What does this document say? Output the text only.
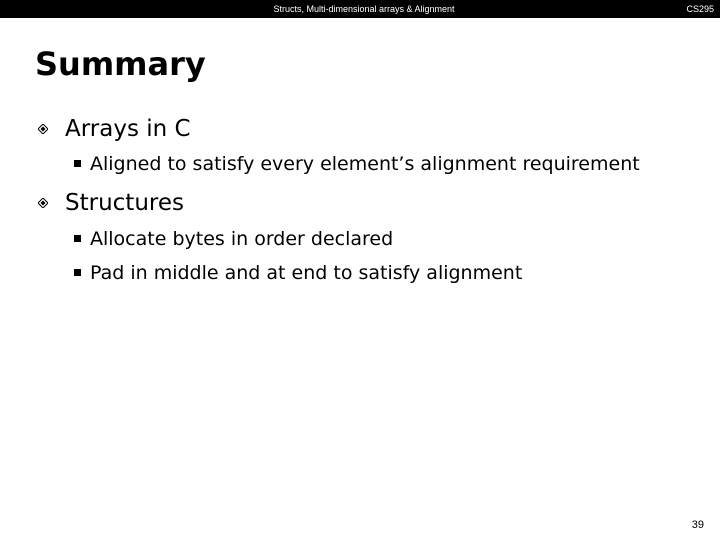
Structs, Multi-dimensional arrays & Alignment	CS295
Summary
Arrays in C
Aligned to satisfy every element’s alignment requirement
Structures
Allocate bytes in order declared
Pad in middle and at end to satisfy alignment
39
